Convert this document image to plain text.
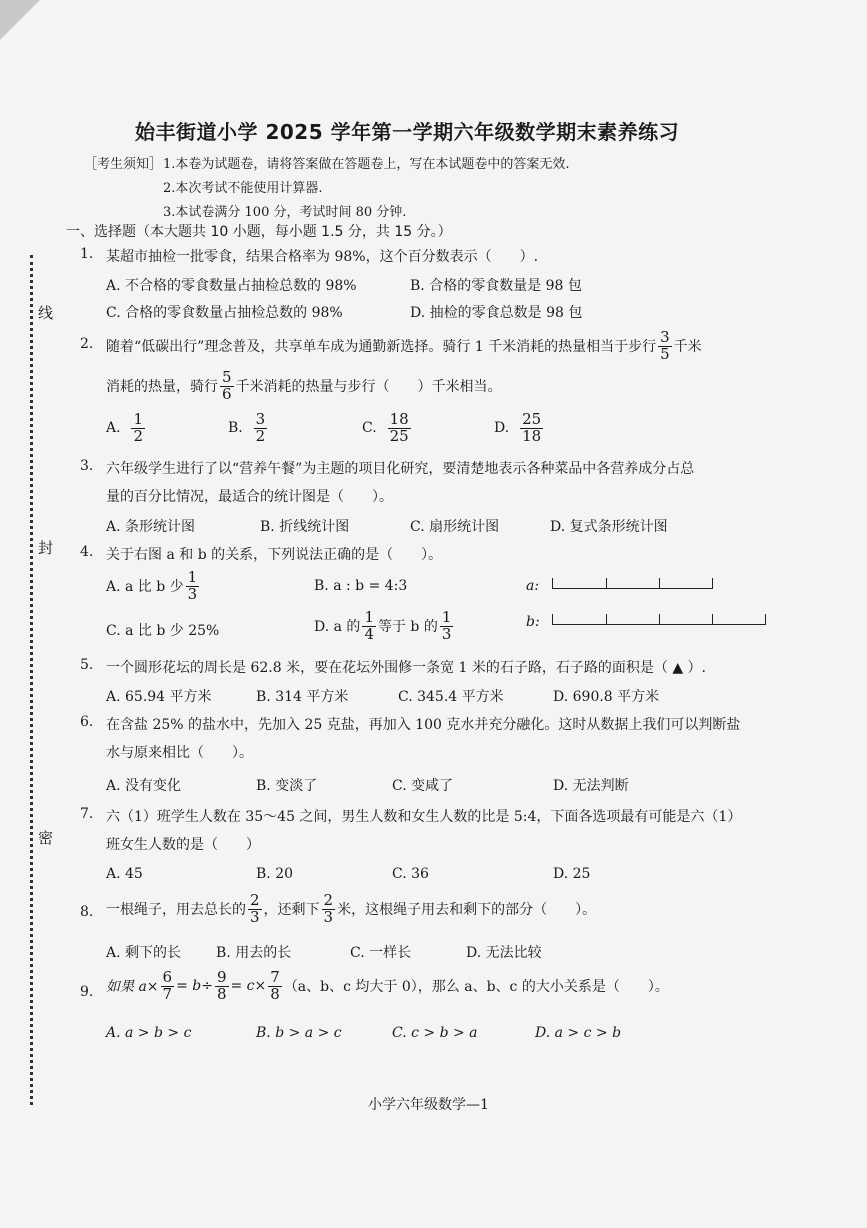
线
封
密
始丰街道小学 2025 学年第一学期六年级数学期末素养练习
［考生须知］ 1.本卷为试题卷，请将答案做在答题卷上，写在本试题卷中的答案无效.
2.本次考试不能使用计算器.
3.本试卷满分 100 分，考试时间 80 分钟.
一、选择题（本大题共 10 小题，每小题 1.5 分，共 15 分。）
1. 某超市抽检一批零食，结果合格率为 98%，这个百分数表示（　　）.
A. 不合格的零食数量占抽检总数的 98%	B. 合格的零食数量是 98 包
C. 合格的零食数量占抽检总数的 98%	D. 抽检的零食总数是 98 包
2. 随着“低碳出行”理念普及，共享单车成为通勤新选择。骑行 1 千米消耗的热量相当于步行 $\frac{3}{5}$ 千米
消耗的热量，骑行 $\frac{5}{6}$ 千米消耗的热量与步行（　　）千米相当。
A.
$\frac{1}{2}$	B.
$\frac{3}{2}$	C.
$\frac{18}{25}$	D.
$\frac{25}{18}$
3. 六年级学生进行了以“营养午餐”为主题的项目化研究，要清楚地表示各种菜品中各营养成分占总
量的百分比情况，最适合的统计图是（　　）。
A. 条形统计图	B. 折线统计图	C. 扇形统计图	D. 复式条形统计图
4. 关于右图 a 和 b 的关系，下列说法正确的是（　　）。
A. a 比 b 少 $\frac{1}{3}$	B. a : b = 4:3
C. a 比 b 少 25%	D. a 的 $\frac{1}{4}$ 等于 b 的 $\frac{1}{3}$
a:
b:
5. 一个圆形花坛的周长是 62.8 米，要在花坛外围修一条宽 1 米的石子路，石子路的面积是（ ▲ ）.
A. 65.94 平方米	B. 314 平方米	C. 345.4 平方米	D. 690.8 平方米
6. 在含盐 25% 的盐水中，先加入 25 克盐，再加入 100 克水并充分融化。这时从数据上我们可以判断盐
水与原来相比（　　）。
A. 没有变化	B. 变淡了	C. 变咸了	D. 无法判断
7. 六（1）班学生人数在 35～45 之间，男生人数和女生人数的比是 5:4，下面各选项最有可能是六（1）
班女生人数的是（　　）
A. 45	B. 20	C. 36	D. 25
8. 一根绳子，用去总长的 $\frac{2}{3}$ ，还剩下 $\frac{2}{3}$ 米，这根绳子用去和剩下的部分（　　）。
A. 剩下的长 B. 用去的长	C. 一样长	D. 无法比较
9. 如果 $a\times \frac{6}{7} = b\div \frac{9}{8} = c\times \frac{7}{8} (a$、b、c 均大于 0），那么 a、b、c 的大小关系是（　　）。
A. a > b > c	B. b > a > c	C. c > b > a	D. a > c > b
小学六年级数学—1
